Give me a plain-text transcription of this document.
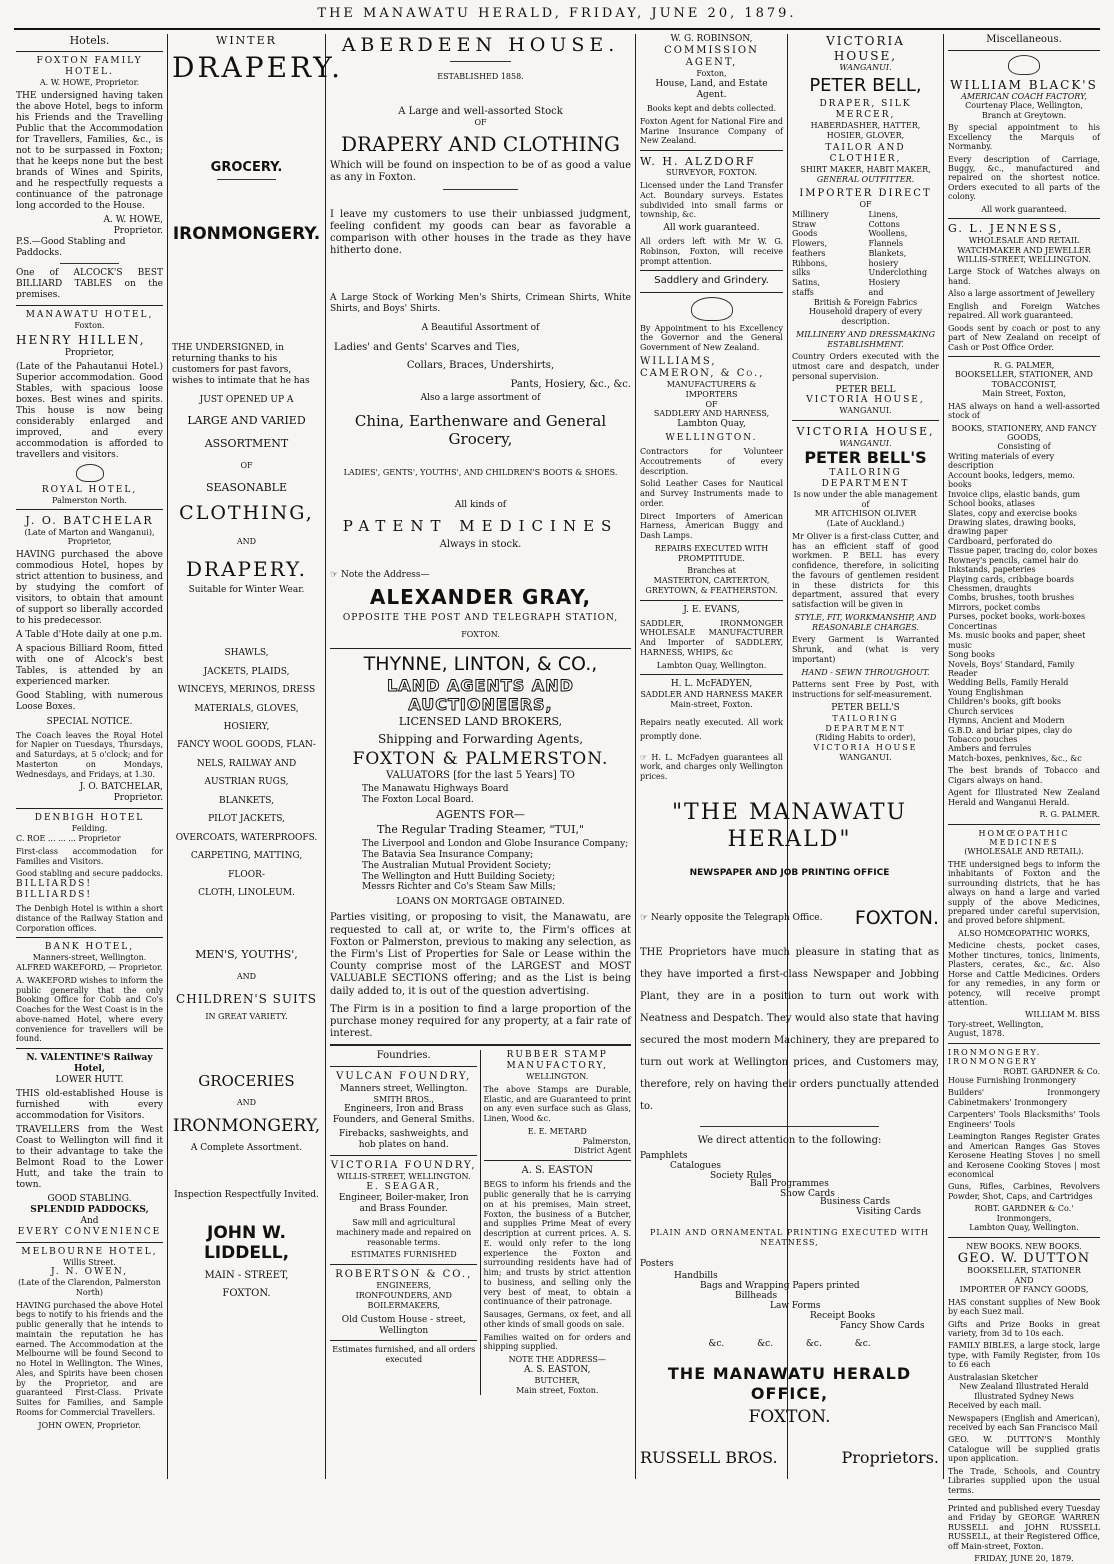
THE MANAWATU HERALD, FRIDAY, JUNE 20, 1879.
Hotels.
FOXTON FAMILY HOTEL.
A. W. HOWE, Proprietor.
THE undersigned having taken the above Hotel, begs to inform his Friends and the Travelling Public that the Accommodation for Travellers, Families, &c., is not to be surpassed in Foxton; that he keeps none but the best brands of Wines and Spirits, and he respectfully requests a continuance of the patronage long accorded to the House.
A. W. HOWE,
Proprietor.
P.S.—Good Stabling and Paddocks.
One of ALCOCK'S BEST BILLIARD TABLES on the premises.
MANAWATU HOTEL,
Foxton.
HENRY HILLEN,
Proprietor,
(Late of the Pahautanui Hotel.) Superior accommodation. Good Stables, with spacious loose boxes. Best wines and spirits. This house is now being considerably enlarged and improved, and every accommodation is afforded to travellers and visitors.
ROYAL HOTEL,
Palmerston North.
J. O. BATCHELAR
(Late of Marton and Wanganui),
Proprietor,
HAVING purchased the above commodious Hotel, hopes by strict attention to business, and by studying the comfort of visitors, to obtain that amount of support so liberally accorded to his predecessor.
A Table d'Hote daily at one p.m.
A spacious Billiard Room, fitted with one of Alcock's best Tables, is attended by an experienced marker.
Good Stabling, with numerous Loose Boxes.
SPECIAL NOTICE.
The Coach leaves the Royal Hotel for Napier on Tuesdays, Thursdays, and Saturdays, at 5 o'clock; and for Masterton on Mondays, Wednesdays, and Fridays, at 1.30.
J. O. BATCHELAR,
Proprietor.
DENBIGH HOTEL
Feilding.
C. ROE ... ... ... Proprietor
First-class accommodation for Families and Visitors.
Good stabling and secure paddocks.
BILLIARDS! BILLIARDS!
The Denbigh Hotel is within a short distance of the Railway Station and Corporation offices.
BANK HOTEL,
Manners-street, Wellington.
ALFRED WAKEFORD, — Proprietor.
A. WAKEFORD wishes to inform the public generally that the only Booking Office for Cobb and Co's Coaches for the West Coast is in the above-named Hotel, where every convenience for travellers will be found.
N. VALENTINE'S Railway Hotel,
LOWER HUTT.
THIS old-established House is furnished with every accommodation for Visitors.
TRAVELLERS from the West Coast to Wellington will find it to their advantage to take the Belmont Road to the Lower Hutt, and take the train to town.
GOOD STABLING.
SPLENDID PADDOCKS,
And
EVERY CONVENIENCE
MELBOURNE HOTEL,
Willis Street.
J. N. OWEN,
(Late of the Clarendon, Palmerston North)
HAVING purchased the above Hotel begs to notify to his friends and the public generally that he intends to maintain the reputation he has earned. The Accommodation at the Melbourne will be found Second to no Hotel in Wellington. The Wines, Ales, and Spirits have been chosen by the Proprietor, and are guaranteed First-Class. Private Suites for Families, and Sample Rooms for Commercial Travellers.
JOHN OWEN, Proprietor.
WINTER
DRAPERY.
GROCERY.
IRONMONGERY.
THE UNDERSIGNED, in returning thanks to his customers for past favors, wishes to intimate that he has
JUST OPENED UP A
LARGE AND VARIED
ASSORTMENT
OF
SEASONABLE
CLOTHING,
AND
DRAPERY.
Suitable for Winter Wear.
SHAWLS,
JACKETS, PLAIDS,
WINCEYS, MERINOS, DRESS
MATERIALS, GLOVES, HOSIERY,
FANCY WOOL GOODS, FLAN-
NELS, RAILWAY AND
AUSTRIAN RUGS,
BLANKETS,
PILOT JACKETS,
OVERCOATS, WATERPROOFS.
CARPETING, MATTING, FLOOR-
CLOTH, LINOLEUM.
MEN'S, YOUTHS',
AND
CHILDREN'S SUITS
IN GREAT VARIETY.
GROCERIES
AND
IRONMONGERY,
A Complete Assortment.
Inspection Respectfully Invited.
JOHN W. LIDDELL,
MAIN - STREET,
FOXTON.
ABERDEEN HOUSE.
ESTABLISHED 1858.
A Large and well-assorted Stock
OF
DRAPERY AND CLOTHING
Which will be found on inspection to be of as good a value as any in Foxton.
I leave my customers to use their unbiassed judgment, feeling confident my goods can bear as favorable a comparison with other houses in the trade as they have hitherto done.
A Large Stock of Working Men's Shirts, Crimean Shirts, White Shirts, and Boys' Shirts.
A Beautiful Assortment of
Ladies' and Gents' Scarves and Ties,
Collars, Braces, Undershirts,
Pants, Hosiery, &c., &c.
Also a large assortment of
China, Earthenware and General Grocery,
LADIES', GENTS', YOUTHS', AND CHILDREN'S BOOTS & SHOES.
All kinds of
PATENT MEDICINES
Always in stock.
☞ Note the Address—
ALEXANDER GRAY,
OPPOSITE THE POST AND TELEGRAPH STATION,
FOXTON.
THYNNE, LINTON, & CO.,
LAND AGENTS AND AUCTIONEERS,
LICENSED LAND BROKERS,
Shipping and Forwarding Agents,
FOXTON & PALMERSTON.
VALUATORS [for the last 5 Years] TO
The Manawatu Highways Board
The Foxton Local Board.
AGENTS FOR—
The Regular Trading Steamer, "TUI,"
The Liverpool and London and Globe Insurance Company;
The Batavia Sea Insurance Company;
The Australian Mutual Provident Society;
The Wellington and Hutt Building Society;
Messrs Richter and Co's Steam Saw Mills;
LOANS ON MORTGAGE OBTAINED.
Parties visiting, or proposing to visit, the Manawatu, are requested to call at, or write to, the Firm's offices at Foxton or Palmerston, previous to making any selection, as the Firm's List of Properties for Sale or Lease within the County comprise most of the LARGEST and MOST VALUABLE SECTIONS offering; and as the List is being daily added to, it is out of the question advertising.
The Firm is in a position to find a large proportion of the purchase money required for any property, at a fair rate of interest.
Foundries.
VULCAN FOUNDRY,
Manners street, Wellington.
SMITH BROS.,
Engineers, Iron and Brass Founders, and General Smiths.
Firebacks, sashweights, and hob plates on hand.
VICTORIA FOUNDRY,
WILLIS-STREET, WELLINGTON.
E. SEAGAR,
Engineer, Boiler-maker, Iron and Brass Founder.
Saw mill and agricultural machinery made and repaired on reasonable terms.
ESTIMATES FURNISHED
ROBERTSON & CO.,
ENGINEERS,
IRONFOUNDERS, AND BOILERMAKERS,
Old Custom House - street, Wellington
Estimates furnished, and all orders executed
RUBBER STAMP MANUFACTORY,
WELLINGTON.
The above Stamps are Durable, Elastic, and are Guaranteed to print on any even surface such as Glass, Linen, Wood &c.
E. E. METARD
Palmerston,
District Agent
A. S. EASTON
BEGS to inform his friends and the public generally that he is carrying on at his premises, Main street, Foxton, the business of a Butcher, and supplies Prime Meat of every description at current prices. A. S. E. would only refer to the long experience the Foxton and surrounding residents have had of him; and trusts by strict attention to business, and selling only the very best of meat, to obtain a continuance of their patronage.
Sausages, Germans, ox feet, and all other kinds of small goods on sale.
Families waited on for orders and shipping supplied.
NOTE THE ADDRESS—
A. S. EASTON,
BUTCHER,
Main street, Foxton.
W. G. ROBINSON,
COMMISSION AGENT,
Foxton,
House, Land, and Estate Agent.
Books kept and debts collected.
Foxton Agent for National Fire and Marine Insurance Company of New Zealand.
W. H. ALZDORF
SURVEYOR, FOXTON.
Licensed under the Land Transfer Act. Boundary surveys. Estates subdivided into small farms or township, &c.
All work guaranteed.
All orders left with Mr W. G. Robinson, Foxton, will receive prompt attention.
Saddlery and Grindery.
By Appointment to his Excellency the Governor and the General Government of New Zealand.
WILLIAMS, CAMERON, & Co.,
MANUFACTURERS & IMPORTERS
OF
SADDLERY AND HARNESS,
Lambton Quay,
WELLINGTON.
Contractors for Volunteer Accoutrements of every description.
Solid Leather Cases for Nautical and Survey Instruments made to order.
Direct Importers of American Harness, American Buggy and Dash Lamps.
REPAIRS EXECUTED WITH PROMPTITUDE.
Branches at
MASTERTON, CARTERTON, GREYTOWN, & FEATHERSTON.
J. E. EVANS,
SADDLER, IRONMONGER WHOLESALE MANUFACTURER And Importer of SADDLERY, HARNESS, WHIPS, &c
Lambton Quay, Wellington.
H. L. McFADYEN,
SADDLER AND HARNESS MAKER
Main-street, Foxton.
Repairs neatly executed. All work promptly done.
☞ H. L. McFadyen guarantees all work, and charges only Wellington prices.
VICTORIA HOUSE,
WANGANUI.
PETER BELL,
DRAPER, SILK MERCER,
HABERDASHER, HATTER, HOSIER, GLOVER,
TAILOR AND CLOTHIER,
SHIRT MAKER, HABIT MAKER,
GENERAL OUTFITTER.
IMPORTER DIRECT
OF
Millinery
Straw Goods
Flowers, feathers
Ribbons, silks
Satins, staffs
Linens, Cottons
Woollens, Flannels
Blankets, hosiery
Underclothing
Hosiery and
British & Foreign Fabrics
Household drapery of every description.
MILLINERY AND DRESSMAKING
ESTABLISHMENT.
Country Orders executed with the utmost care and despatch, under personal supervision.
PETER BELL
VICTORIA HOUSE,
WANGANUI.
VICTORIA HOUSE,
WANGANUI.
PETER BELL'S
TAILORING DEPARTMENT
Is now under the able management of
MR AITCHISON OLIVER
(Late of Auckland.)
Mr Oliver is a first-class Cutter, and has an efficient staff of good workmen. P. BELL has every confidence, therefore, in soliciting the favours of gentlemen resident in these districts for this department, assured that every satisfaction will be given in
STYLE, FIT, WORKMANSHIP, AND
REASONABLE CHARGES.
Every Garment is Warranted Shrunk, and (what is very important)
HAND - SEWN THROUGHOUT.
Patterns sent Free by Post, with instructions for self-measurement.
PETER BELL'S
TAILORING DEPARTMENT
(Riding Habits to order),
VICTORIA HOUSE
WANGANUI.
"THE MANAWATU HERALD"
NEWSPAPER AND JOB PRINTING OFFICE
☞ Nearly opposite the Telegraph Office. FOXTON.
THE Proprietors have much pleasure in stating that as they have imported a first-class Newspaper and Jobbing Plant, they are in a position to turn out work with Neatness and Despatch. They would also state that having secured the most modern Machinery, they are prepared to turn out work at Wellington prices, and Customers may, therefore, rely on having their orders punctually attended to.
We direct attention to the following:
Pamphlets
Catalogues
Society Rules
Ball Programmes
Show Cards
Business Cards
Visiting Cards
PLAIN AND ORNAMENTAL PRINTING EXECUTED WITH NEATNESS,
Posters
Handbills
Bags and Wrapping Papers printed
Billheads
Law Forms
Receipt Books
Fancy Show Cards
&c. &c. &c. &c.
THE MANAWATU HERALD OFFICE,
FOXTON.
RUSSELL BROS.	Proprietors.
Miscellaneous.
WILLIAM BLACK'S
AMERICAN COACH FACTORY,
Courtenay Place, Wellington,
Branch at Greytown.
By special appointment to his Excellency the Marquis of Normanby.
Every description of Carriage, Buggy, &c., manufactured and repaired on the shortest notice. Orders executed to all parts of the colony.
All work guaranteed.
G. L. JENNESS,
WHOLESALE AND RETAIL WATCHMAKER AND JEWELLER
WILLIS-STREET, WELLINGTON.
Large Stock of Watches always on hand.
Also a large assortment of Jewellery
English and Foreign Watches repaired. All work guaranteed.
Goods sent by coach or post to any part of New Zealand on receipt of Cash or Post Office Order.
R. G. PALMER,
BOOKSELLER, STATIONER, AND TOBACCONIST,
Main Street, Foxton,
HAS always on hand a well-assorted stock of
BOOKS, STATIONERY, AND FANCY GOODS,
Consisting of
Writing materials of every description
Account books, ledgers, memo. books
Invoice clips, elastic bands, gum
School books, atlases
Slates, copy and exercise books
Drawing slates, drawing books, drawing paper
Cardboard, perforated do
Tissue paper, tracing do, color boxes
Rowney's pencils, camel hair do
Inkstands, papeteries
Playing cards, cribbage boards
Chessmen, draughts
Combs, brushes, tooth brushes
Mirrors, pocket combs
Purses, pocket books, work-boxes
Concertinas
Ms. music books and paper, sheet music
Song books
Novels, Boys' Standard, Family Reader
Wedding Bells, Family Herald
Young Englishman
Children's books, gift books
Church services
Hymns, Ancient and Modern
G.B.D. and briar pipes, clay do
Tobacco pouches
Ambers and ferrules
Match-boxes, penknives, &c., &c
The best brands of Tobacco and Cigars always on hand.
Agent for Illustrated New Zealand Herald and Wanganui Herald.
R. G. PALMER.
HOMŒOPATHIC MEDICINES
(WHOLESALE AND RETAIL).
THE undersigned begs to inform the inhabitants of Foxton and the surrounding districts, that he has always on hand a large and varied supply of the above Medicines, prepared under careful supervision, and proved before shipment.
ALSO HOMŒOPATHIC WORKS,
Medicine chests, pocket cases, Mother tinctures, tonics, liniments, Plasters, cerates, &c., &c. Also Horse and Cattle Medicines. Orders for any remedies, in any form or potency, will receive prompt attention.
WILLIAM M. BISS
Tory-street, Wellington,
August, 1878.
IRONMONGERY. IRONMONGERY
ROBT. GARDNER & Co.
House Furnishing Ironmongery
Builders' Ironmongery Cabinetmakers' Ironmongery
Carpenters' Tools Blacksmiths' Tools Engineers' Tools
Leamington Ranges Register Grates and American Ranges Gas Stoves Kerosene Heating Stoves | no smell and Kerosene Cooking Stoves | most economical
Guns, Rifles, Carbines, Revolvers Powder, Shot, Caps, and Cartridges
ROBT. GARDNER & Co.'
Ironmongers,
Lambton Quay, Wellington.
NEW BOOKS. NEW BOOKS.
GEO. W. DUTTON
BOOKSELLER, STATIONER
AND
IMPORTER OF FANCY GOODS,
HAS constant supplies of New Book by each Suez mail.
Gifts and Prize Books in great variety, from 3d to 10s each.
FAMILY BIBLES, a large stock, large type, with Family Register, from 10s to £6 each
Australasian Sketcher
New Zealand Illustrated Herald
Illustrated Sydney News
Received by each mail.
Newspapers (English and American), received by each San Francisco Mail
GEO. W. DUTTON'S Monthly Catalogue will be supplied gratis upon application.
The Trade, Schools, and Country Libraries supplied upon the usual terms.
Printed and published every Tuesday and Friday by GEORGE WARREN RUSSELL and JOHN RUSSELL RUSSELL, at their Registered Office, off Main-street, Foxton.
FRIDAY, JUNE 20, 1879.
